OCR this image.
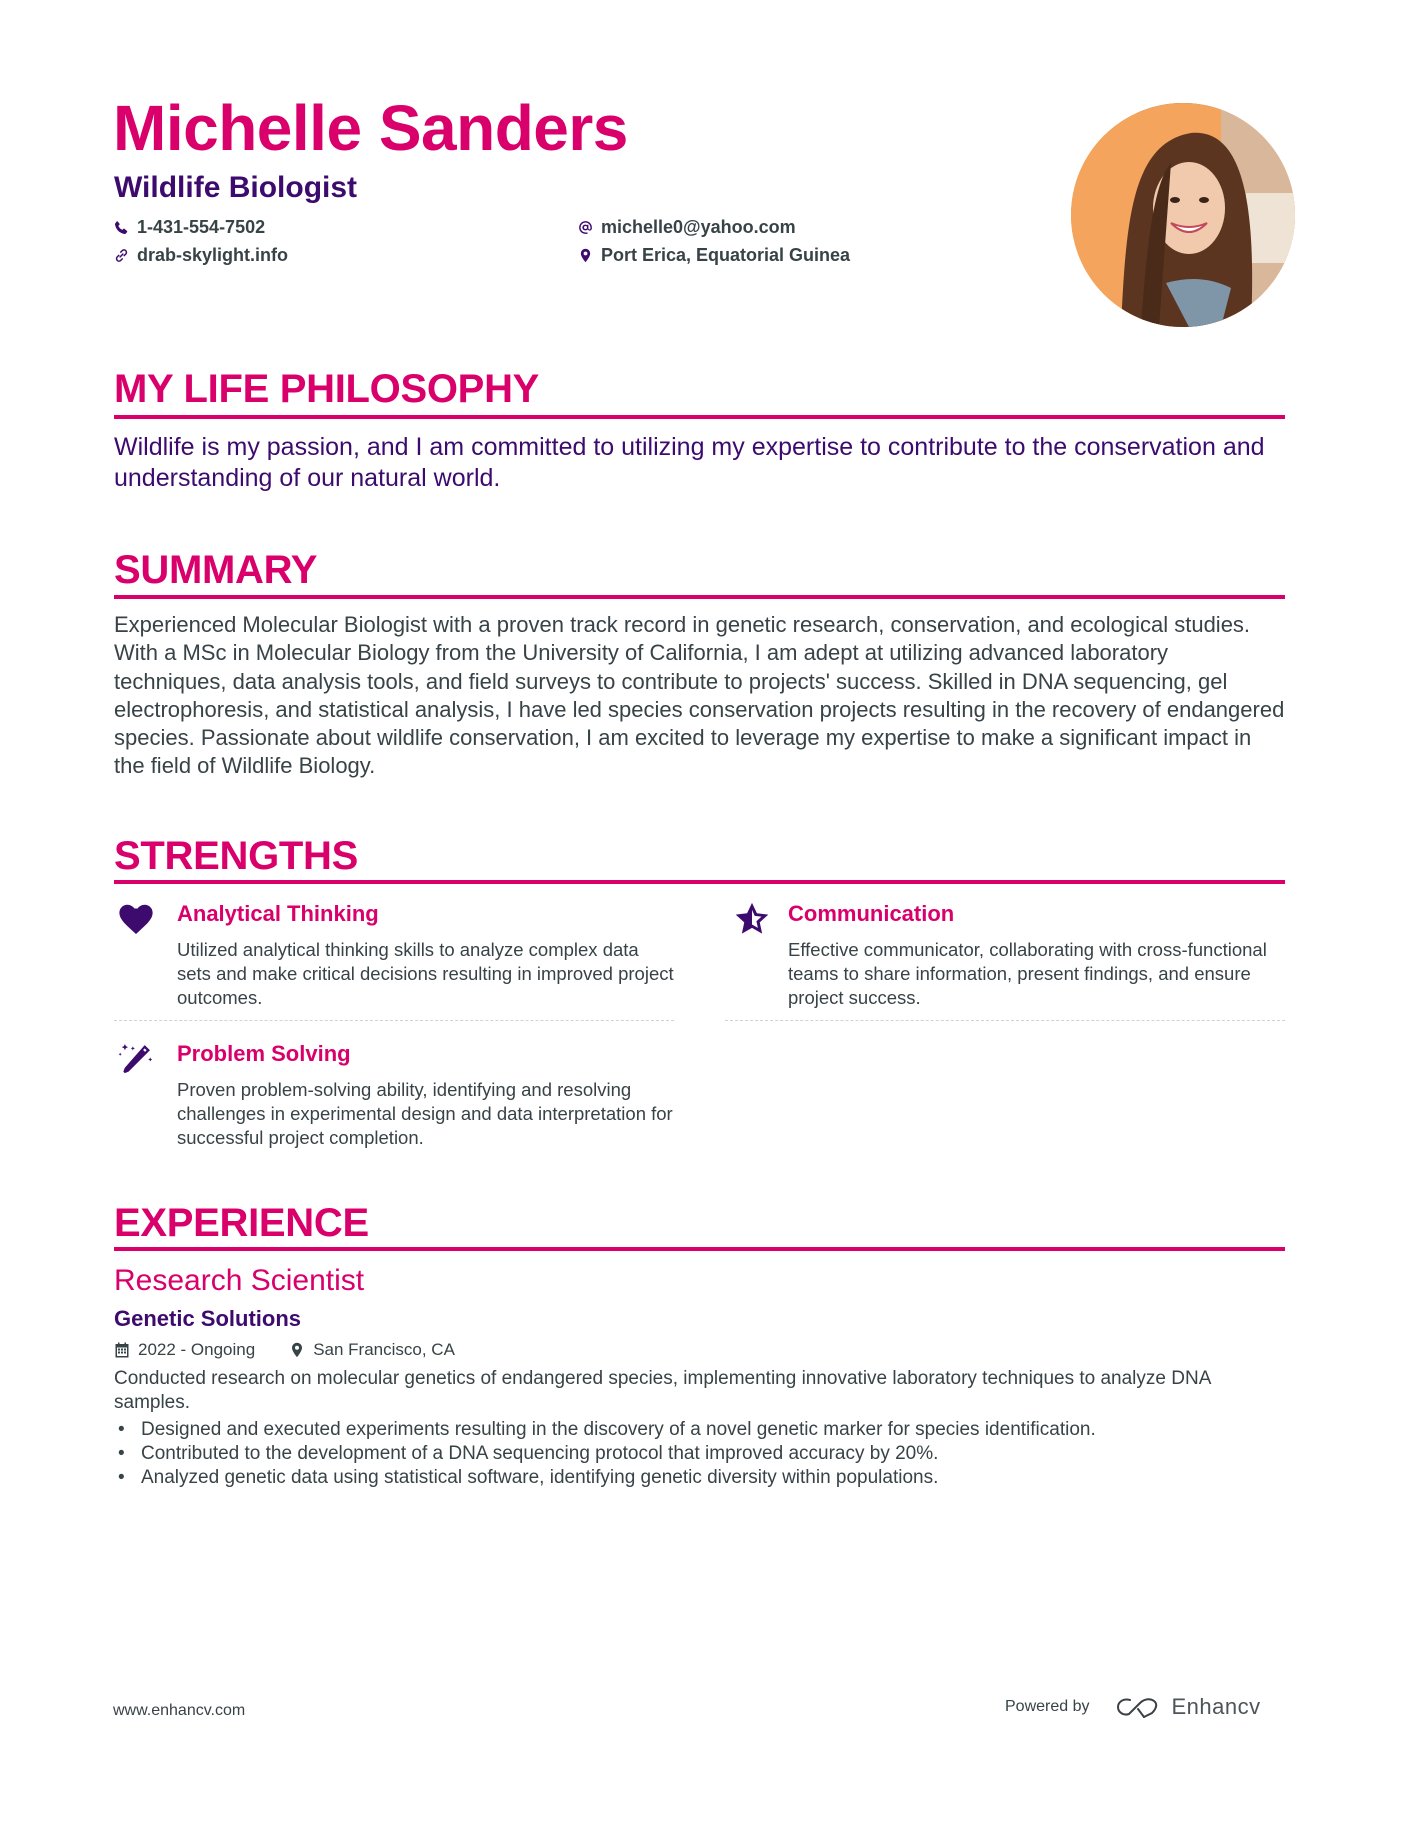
Michelle Sanders
Wildlife Biologist
1-431-554-7502
drab-skylight.info
michelle0@yahoo.com
Port Erica, Equatorial Guinea
MY LIFE PHILOSOPHY
Wildlife is my passion, and I am committed to utilizing my expertise to contribute to the conservation and understanding of our natural world.
SUMMARY
Experienced Molecular Biologist with a proven track record in genetic research, conservation, and ecological studies. With a MSc in Molecular Biology from the University of California, I am adept at utilizing advanced laboratory techniques, data analysis tools, and field surveys to contribute to projects' success. Skilled in DNA sequencing, gel electrophoresis, and statistical analysis, I have led species conservation projects resulting in the recovery of endangered species. Passionate about wildlife conservation, I am excited to leverage my expertise to make a significant impact in the field of Wildlife Biology.
STRENGTHS
Analytical Thinking
Utilized analytical thinking skills to analyze complex data sets and make critical decisions resulting in improved project outcomes.
Communication
Effective communicator, collaborating with cross-functional teams to share information, present findings, and ensure project success.
Problem Solving
Proven problem-solving ability, identifying and resolving challenges in experimental design and data interpretation for successful project completion.
EXPERIENCE
Research Scientist
Genetic Solutions
2022 - Ongoing	San Francisco, CA
Conducted research on molecular genetics of endangered species, implementing innovative laboratory techniques to analyze DNA samples.
• Designed and executed experiments resulting in the discovery of a novel genetic marker for species identification.
• Contributed to the development of a DNA sequencing protocol that improved accuracy by 20%.
• Analyzed genetic data using statistical software, identifying genetic diversity within populations.
www.enhancv.com	Powered by	Enhancv
